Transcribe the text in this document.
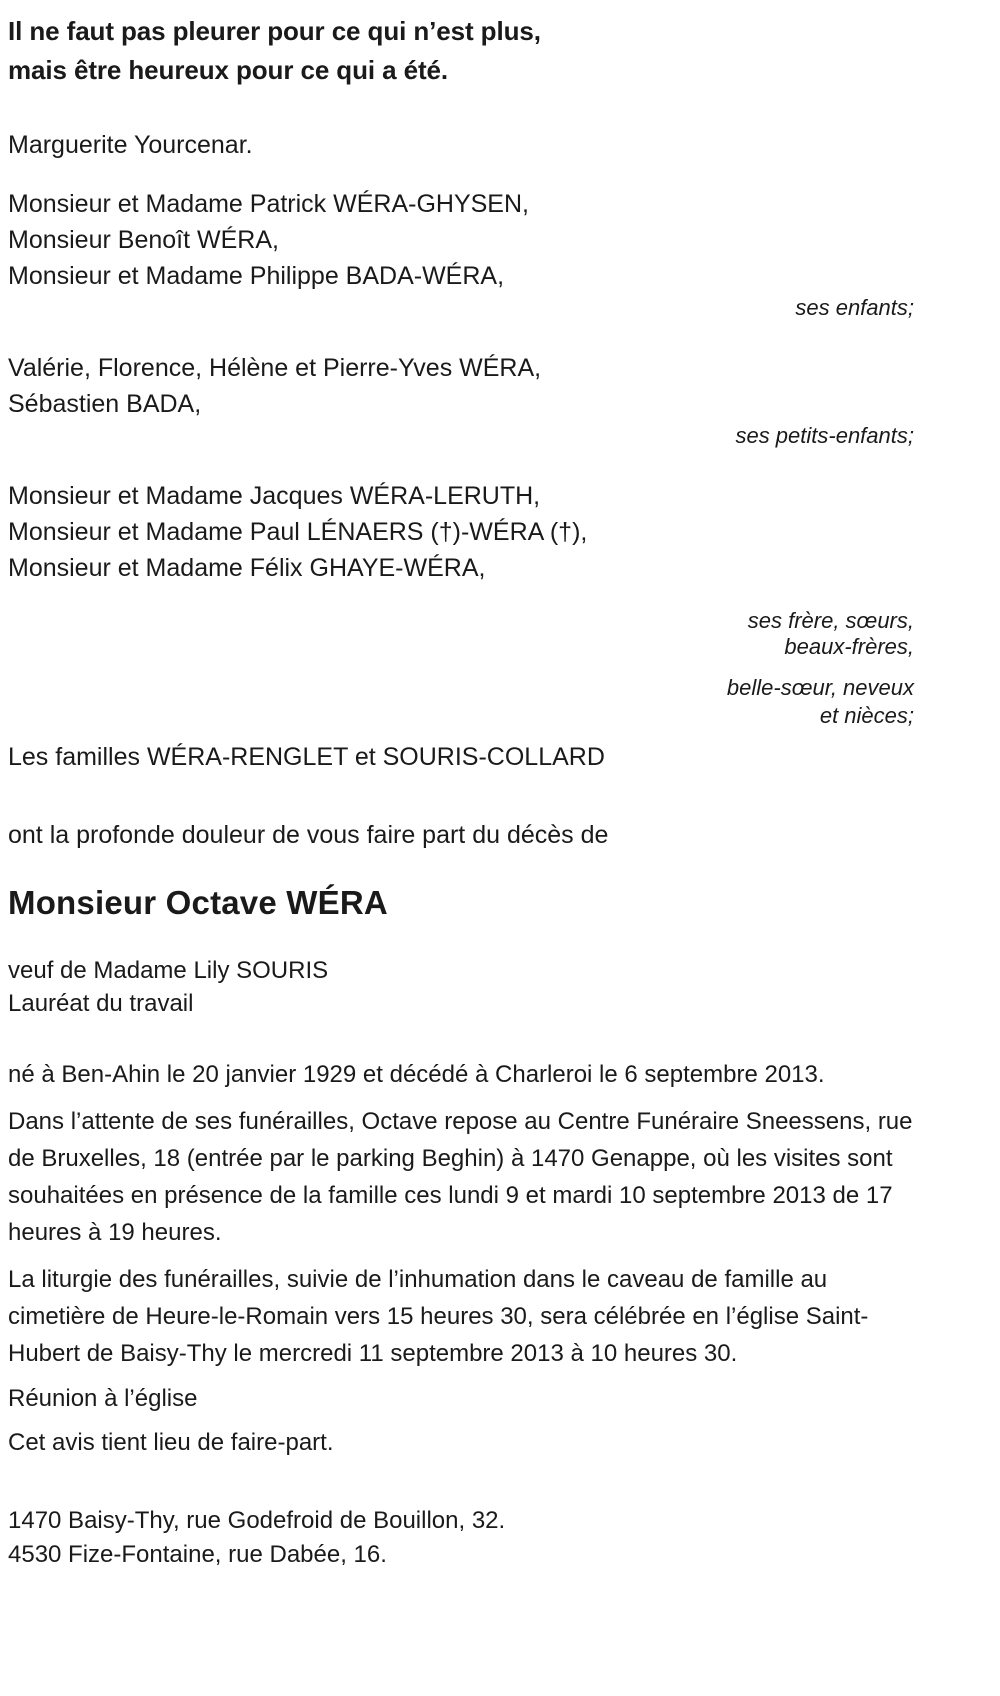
Il ne faut pas pleurer pour ce qui n’est plus,
mais être heureux pour ce qui a été.
Marguerite Yourcenar.
Monsieur et Madame Patrick WÉRA-GHYSEN,
Monsieur Benoît WÉRA,
Monsieur et Madame Philippe BADA-WÉRA,
ses enfants;
Valérie, Florence, Hélène et Pierre-Yves WÉRA,
Sébastien BADA,
ses petits-enfants;
Monsieur et Madame Jacques WÉRA-LERUTH,
Monsieur et Madame Paul LÉNAERS (†)-WÉRA (†),
Monsieur et Madame Félix GHAYE-WÉRA,
ses frère, sœurs,
beaux-frères,
belle-sœur, neveux
et nièces;
Les familles WÉRA-RENGLET et SOURIS-COLLARD
ont la profonde douleur de vous faire part du décès de
Monsieur Octave WÉRA
veuf de Madame Lily SOURIS
Lauréat du travail
né à Ben-Ahin le 20 janvier 1929 et décédé à Charleroi le 6 septembre 2013.
Dans l’attente de ses funérailles, Octave repose au Centre Funéraire Sneessens, rue de Bruxelles, 18 (entrée par le parking Beghin) à 1470 Genappe, où les visites sont souhaitées en présence de la famille ces lundi 9 et mardi 10 septembre 2013 de 17 heures à 19 heures.
La liturgie des funérailles, suivie de l’inhumation dans le caveau de famille au cimetière de Heure-le-Romain vers 15 heures 30, sera célébrée en l’église Saint-Hubert de Baisy-Thy le mercredi 11 septembre 2013 à 10 heures 30.
Réunion à l’église
Cet avis tient lieu de faire-part.
1470 Baisy-Thy, rue Godefroid de Bouillon, 32.
4530 Fize-Fontaine, rue Dabée, 16.
